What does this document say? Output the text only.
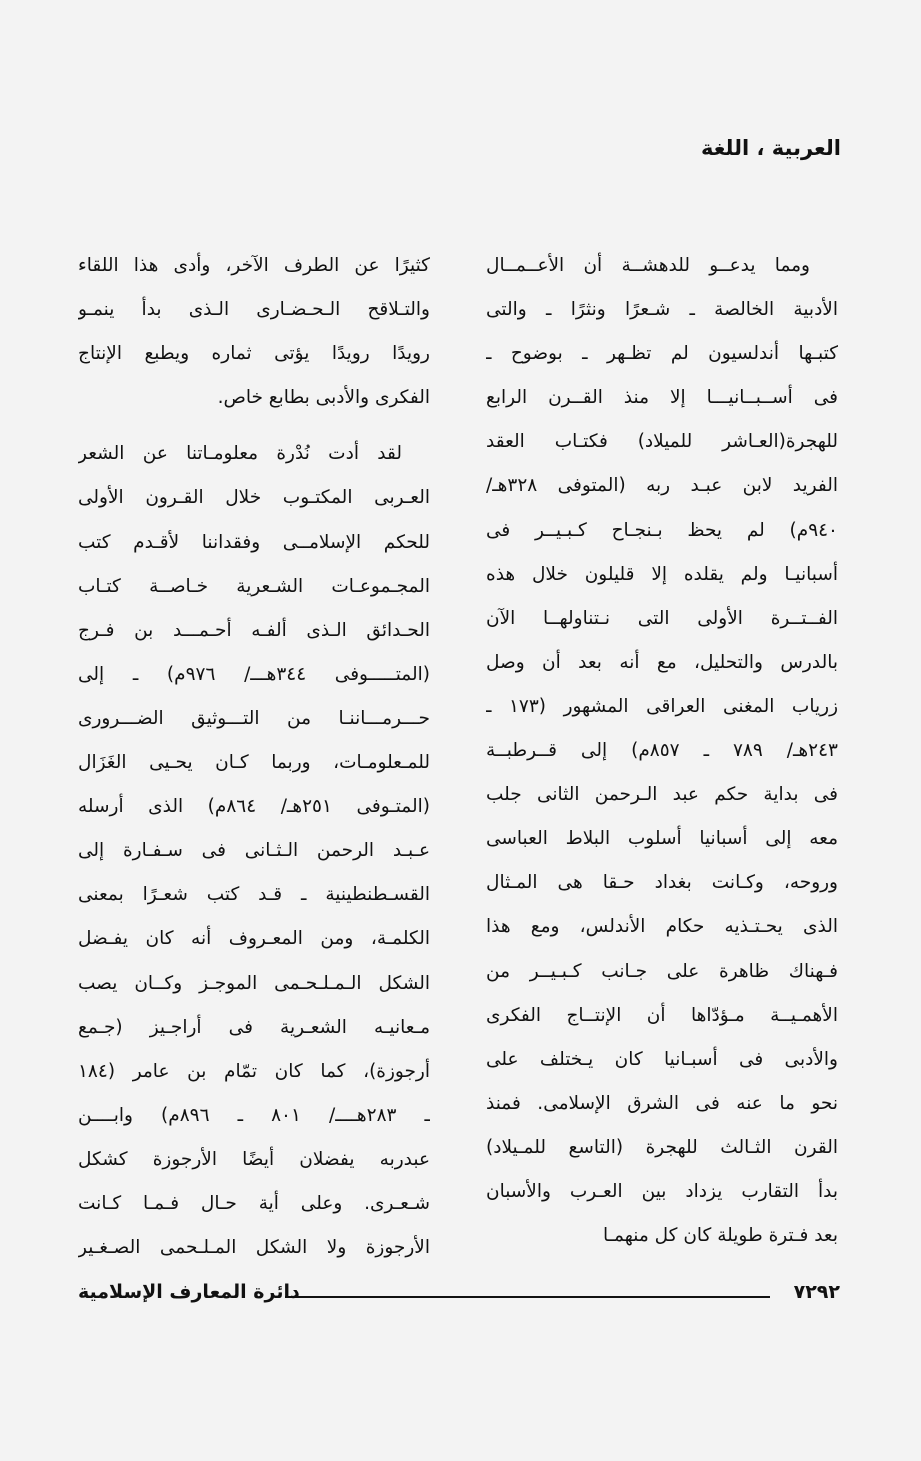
العربية ، اللغة
ومما يدعــو للدهشــة أن الأعــمــال
الأدبية الخالصة ـ شـعرًا ونثرًا ـ والتى
كتبـها أندلسيون لم تظـهر ـ بوضوح ـ
فى أســبــانيـــا إلا منذ القــرن الرابع
للهجرة(العـاشر للميلاد) فكتـاب العقد
الفريد لابن عبـد ربه (المتوفى ٣٢٨هـ/
٩٤٠م) لم يحظ بـنجـاح كـبـيــر فى
أسبانيـا ولم يقلده إلا قليلون خلال هذه
الفــتــرة الأولى التى نـتناولهــا الآن
بالدرس والتحليل، مع أنه بعد أن وصل
زرياب المغنى العراقى المشهور (١٧٣ ـ
٢٤٣هـ/ ٧٨٩ ـ ٨٥٧م) إلى قــرطبــة
فى بداية حكم عبد الـرحمن الثانى جلب
معه إلى أسبانيا أسلوب البلاط العباسى
وروحه، وكـانت بغداد حـقا هى المـثال
الذى يحـتـذيه حكام الأندلس، ومع هذا
فـهناك ظاهرة على جـانب كـبـيــر من
الأهمـيــة مـؤدّاها أن الإنتــاج الفكرى
والأدبى فى أسبـانيا كان يـختلف على
نحو ما عنه فى الشرق الإسلامى. فمنذ
القرن الثـالث للهجرة (التاسع للمـيلاد)
بدأ التقارب يزداد بين العـرب والأسبان
بعد فـترة طويلة كان كل منهمـا
كثيرًا عن الطرف الآخر، وأدى هذا اللقاء
والتـلاقح الـحـضـارى الـذى بدأ ينمـو
رويدًا رويدًا يؤتى ثماره ويطبع الإنتاج
الفكرى والأدبى بطابع خاص.
لقد أدت نُدْرة معلومـاتنا عن الشعر
العـربى المكتـوب خلال القـرون الأولى
للحكم الإسلامــى وفقداننا لأقـدم كتب
المجـموعـات الشـعرية خـاصــة كتـاب
الحـدائق الـذى ألفـه أحـمـــد بن فـرج
(المتـــــوفى ٣٤٤هـــ/ ٩٧٦م) ـ إلى
حـــرمـــاننـا من التـــوثيق الضـــرورى
للمـعلومـات، وربما كـان يحـيى الغَزَال
(المتـوفى ٢٥١هـ/ ٨٦٤م) الذى أرسله
عـبـد الرحمن الـثـانى فى سـفـارة إلى
القسـطنطينية ـ قـد كتب شعـرًا بمعنى
الكلمـة، ومن المعـروف أنه كان يفـضل
الشكل الـمـلـحـمى الموجـز وكــان يصب
مـعانيـه الشعـرية فى أراجـيز (جـمع
أرجوزة)، كما كان تمّام بن عامر (١٨٤
ـ ٢٨٣هــــ/ ٨٠١ ـ ٨٩٦م) وابــــن
عبدربه يفضلان أيضًا الأرجوزة كشكل
شـعـرى. وعلى أية حـال فـمـا كـانت
الأرجوزة ولا الشكل المـلـحمى الصـغـير
٧٢٩٢
دائرة المعارف الإسلامية
